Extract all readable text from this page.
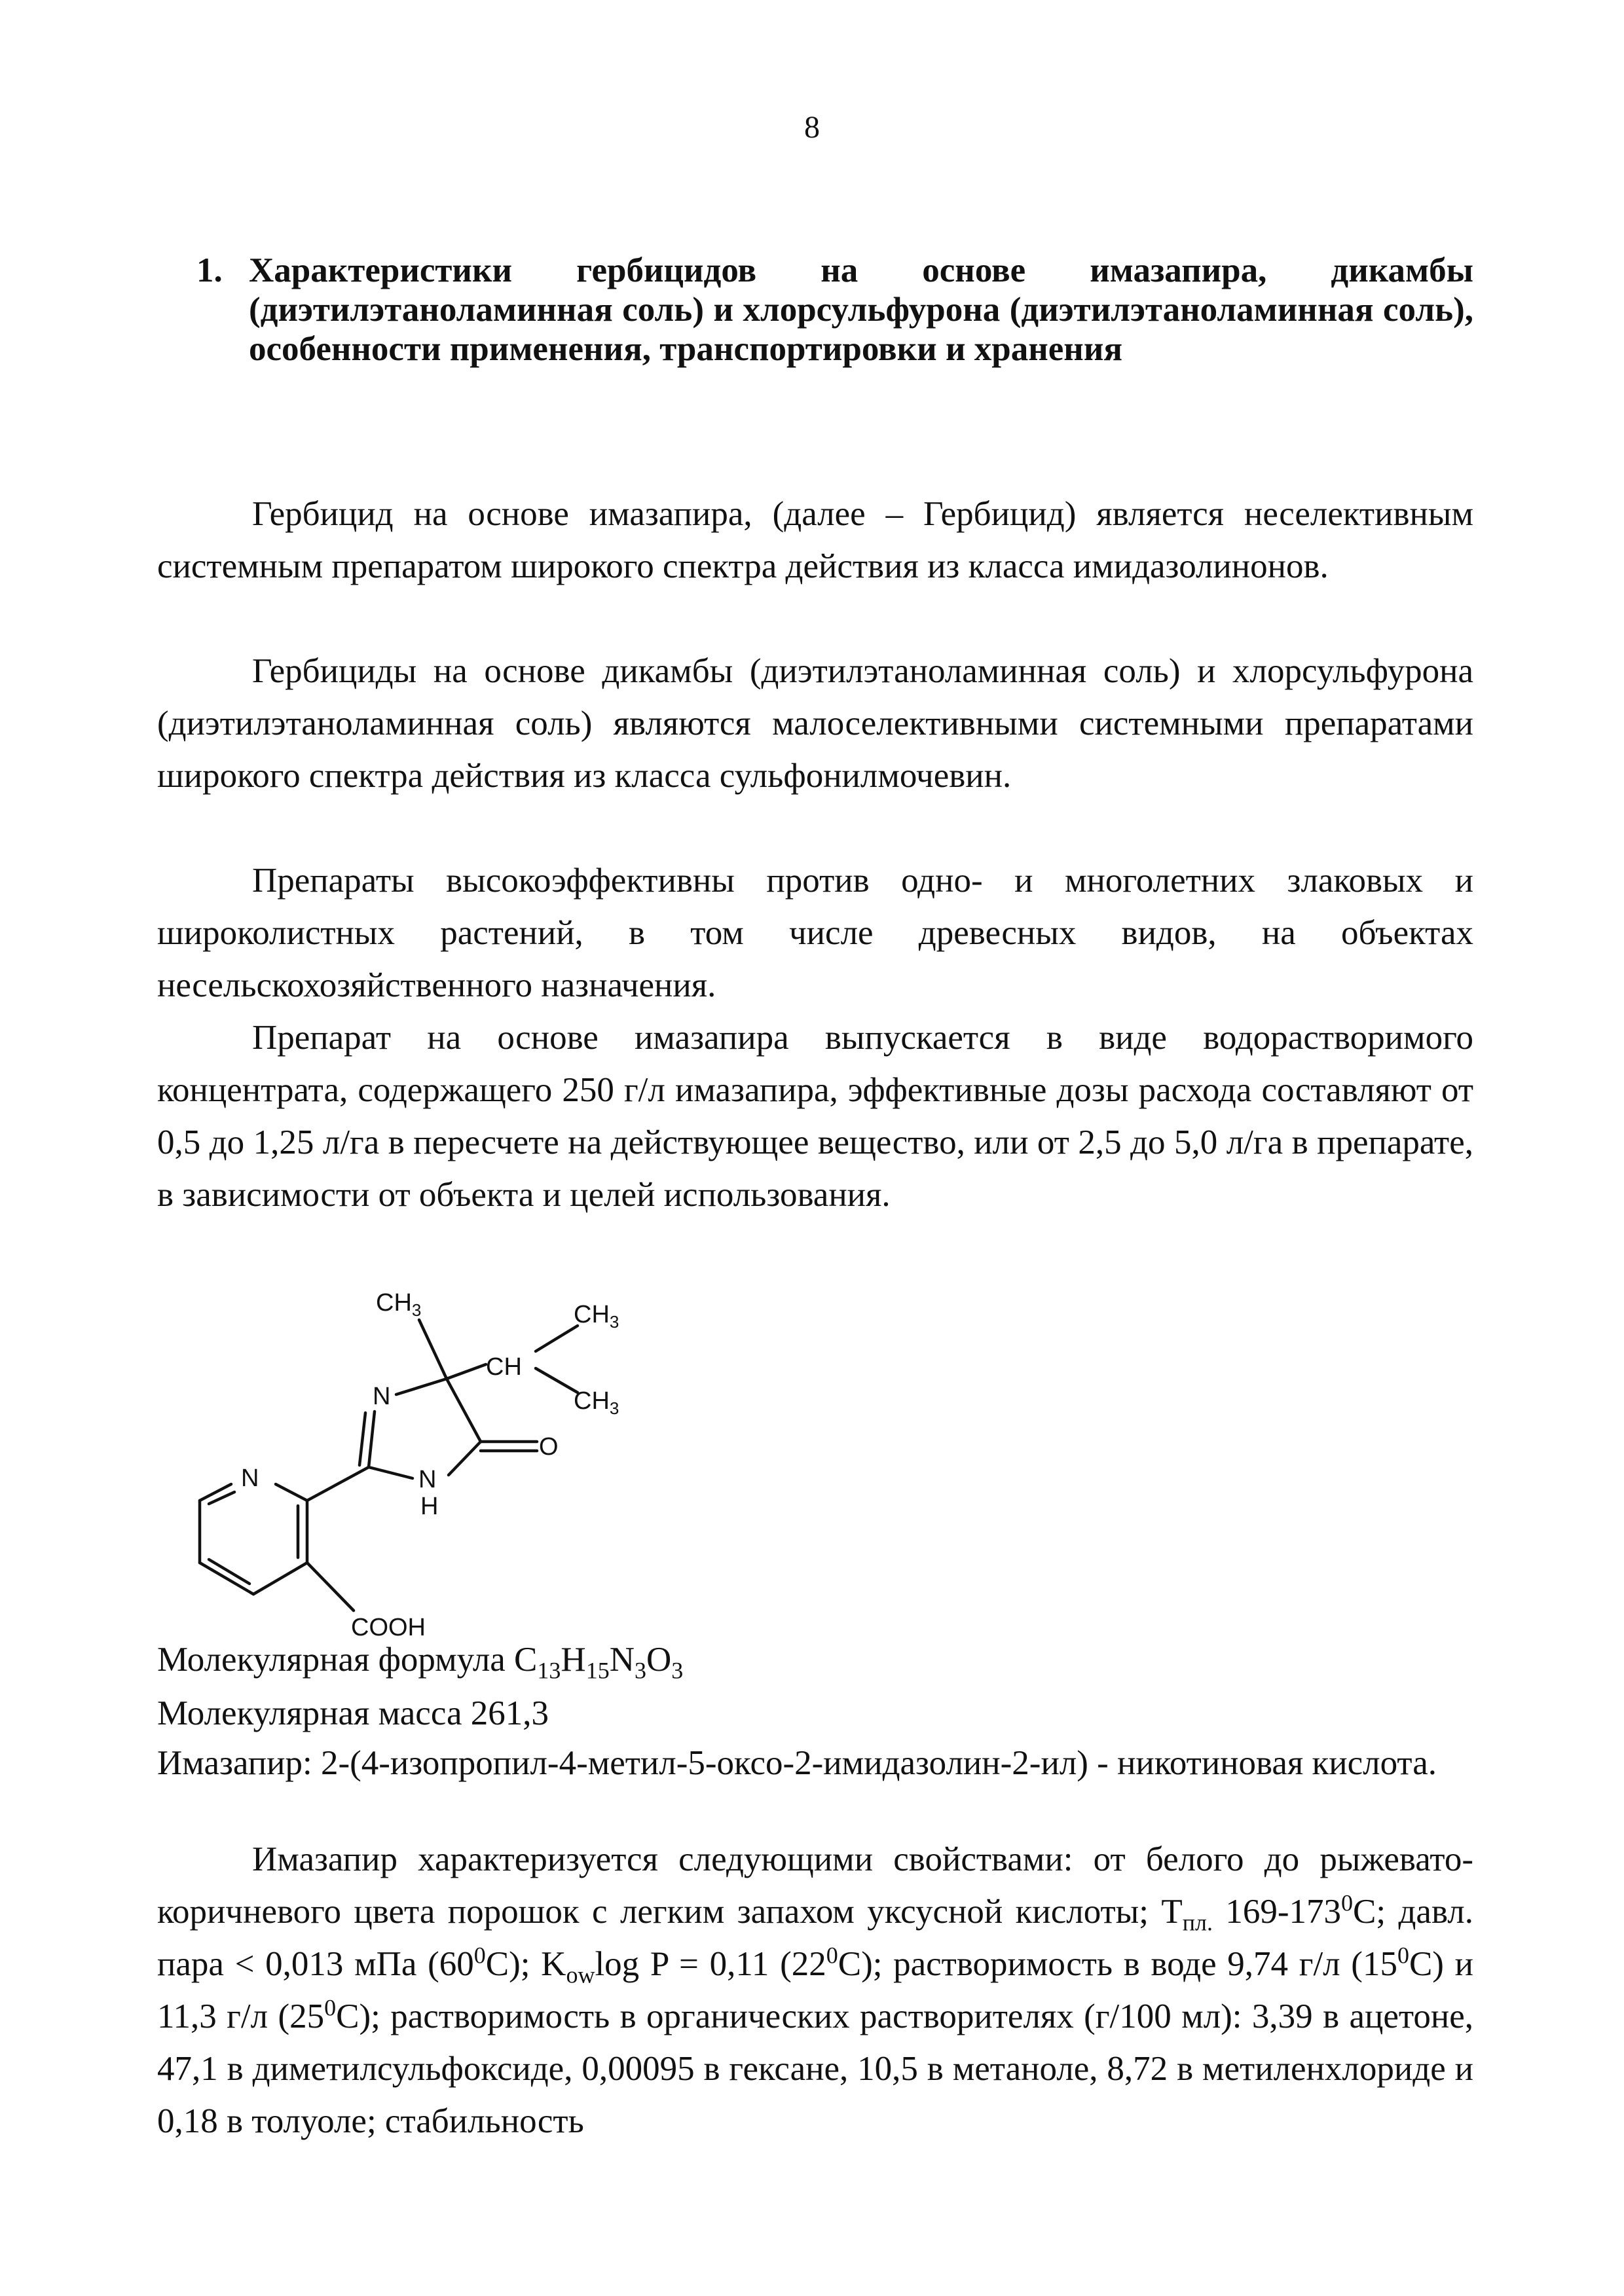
8
1. Характеристики гербицидов на основе имазапира, дикамбы (диэтилэтаноламинная соль) и хлорсульфурона (диэтилэтаноламинная соль), особенности применения, транспортировки и хранения

Гербицид на основе имазапира, (далее – Гербицид) является неселективным системным препаратом широкого спектра действия из класса имидазолинонов.

Гербициды на основе дикамбы (диэтилэтаноламинная соль) и хлорсульфурона (диэтилэтаноламинная соль) являются малоселективными системными препаратами широкого спектра действия из класса сульфонилмочевин.

Препараты высокоэффективны против одно- и многолетних злаковых и широколистных растений, в том числе древесных видов, на объектах несельскохозяйственного назначения.

Препарат на основе имазапира выпускается в виде водорастворимого концентрата, содержащего 250 г/л имазапира, эффективные дозы расхода составляют от 0,5 до 1,25 л/га в пересчете на действующее вещество, или от 2,5 до 5,0 л/га в препарате, в зависимости от объекта и целей использования.

N
N
N
H
O
CH
$CH_3$	$CH_3$
$CH_3$
COOH
Молекулярная формула $C_{13}H_{15}N_3O_3$
Молекулярная масса 261,3
Имазапир: 2-(4-изопропил-4-метил-5-оксо-2-имидазолин-2-ил) - никотиновая кислота.

Имазапир характеризуется следующими свойствами: от белого до рыжевато-коричневого цвета порошок с легким запахом уксусной кислоты; $Т_{пл.}$ $169-173^0С$; давл. пара < 0,013 мПа $(60^0С)$; $K_{ow}\log$ P = 0,11 $(22^0С)$; растворимость в воде 9,74 г/л $(15^0С)$ и 11,3 г/л $(25^0С)$; растворимость в органических растворителях (г/100 мл): 3,39 в ацетоне, 47,1 в диметилсульфоксиде, 0,00095 в гексане, 10,5 в метаноле, 8,72 в метиленхлориде и 0,18 в толуоле; стабильность
